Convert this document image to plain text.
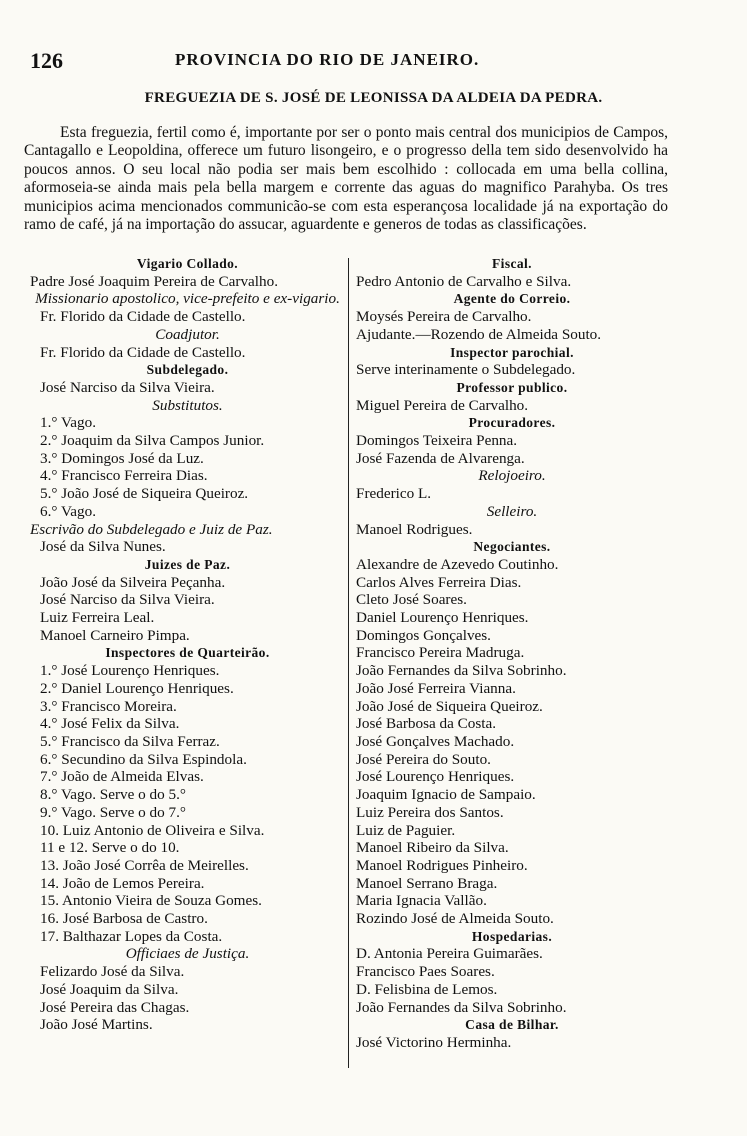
126	PROVINCIA DO RIO DE JANEIRO.
FREGUEZIA DE S. JOSÉ DE LEONISSA DA ALDEIA DA PEDRA.

Esta freguezia, fertil como é, importante por ser o ponto mais central dos municipios de Campos, Cantagallo e Leopoldina, offerece um futuro lisongeiro, e o progresso della tem sido desenvolvido ha poucos annos. O seu local não podia ser mais bem escolhido : collocada em uma bella collina, aformoseia-se ainda mais pela bella margem e corrente das aguas do magnifico Parahyba. Os tres municipios acima mencionados communicão-se com esta esperançosa localidade já na exportação do ramo de café, já na importação do assucar, aguardente e generos de todas as classificações.

Vigario Collado.
Padre José Joaquim Pereira de Carvalho.
Missionario apostolico, vice-prefeito e ex-vigario.
Fr. Florido da Cidade de Castello.
Coadjutor.
Fr. Florido da Cidade de Castello.
Subdelegado.
José Narciso da Silva Vieira.
Substitutos.
1.° Vago.
2.° Joaquim da Silva Campos Junior.
3.° Domingos José da Luz.
4.° Francisco Ferreira Dias.
5.° João José de Siqueira Queiroz.
6.° Vago.
Escrivão do Subdelegado e Juiz de Paz.
José da Silva Nunes.
Juizes de Paz.
João José da Silveira Peçanha.
José Narciso da Silva Vieira.
Luiz Ferreira Leal.
Manoel Carneiro Pimpa.
Inspectores de Quarteirão.
1.° José Lourenço Henriques.
2.° Daniel Lourenço Henriques.
3.° Francisco Moreira.
4.° José Felix da Silva.
5.° Francisco da Silva Ferraz.
6.° Secundino da Silva Espindola.
7.° João de Almeida Elvas.
8.° Vago. Serve o do 5.°
9.° Vago. Serve o do 7.°
10. Luiz Antonio de Oliveira e Silva.
11 e 12. Serve o do 10.
13. João José Corrêa de Meirelles.
14. João de Lemos Pereira.
15. Antonio Vieira de Souza Gomes.
16. José Barbosa de Castro.
17. Balthazar Lopes da Costa.
Officiaes de Justiça.
Felizardo José da Silva.
José Joaquim da Silva.
José Pereira das Chagas.
João José Martins.
Fiscal.
Pedro Antonio de Carvalho e Silva.
Agente do Correio.
Moysés Pereira de Carvalho.
Ajudante.—Rozendo de Almeida Souto.
Inspector parochial.
Serve interinamente o Subdelegado.
Professor publico.
Miguel Pereira de Carvalho.
Procuradores.
Domingos Teixeira Penna.
José Fazenda de Alvarenga.
Relojoeiro.
Frederico L.
Selleiro.
Manoel Rodrigues.
Negociantes.
Alexandre de Azevedo Coutinho.
Carlos Alves Ferreira Dias.
Cleto José Soares.
Daniel Lourenço Henriques.
Domingos Gonçalves.
Francisco Pereira Madruga.
João Fernandes da Silva Sobrinho.
João José Ferreira Vianna.
João José de Siqueira Queiroz.
José Barbosa da Costa.
José Gonçalves Machado.
José Pereira do Souto.
José Lourenço Henriques.
Joaquim Ignacio de Sampaio.
Luiz Pereira dos Santos.
Luiz de Paguier.
Manoel Ribeiro da Silva.
Manoel Rodrigues Pinheiro.
Manoel Serrano Braga.
Maria Ignacia Vallão.
Rozindo José de Almeida Souto.
Hospedarias.
D. Antonia Pereira Guimarães.
Francisco Paes Soares.
D. Felisbina de Lemos.
João Fernandes da Silva Sobrinho.
Casa de Bilhar.
José Victorino Herminha.
